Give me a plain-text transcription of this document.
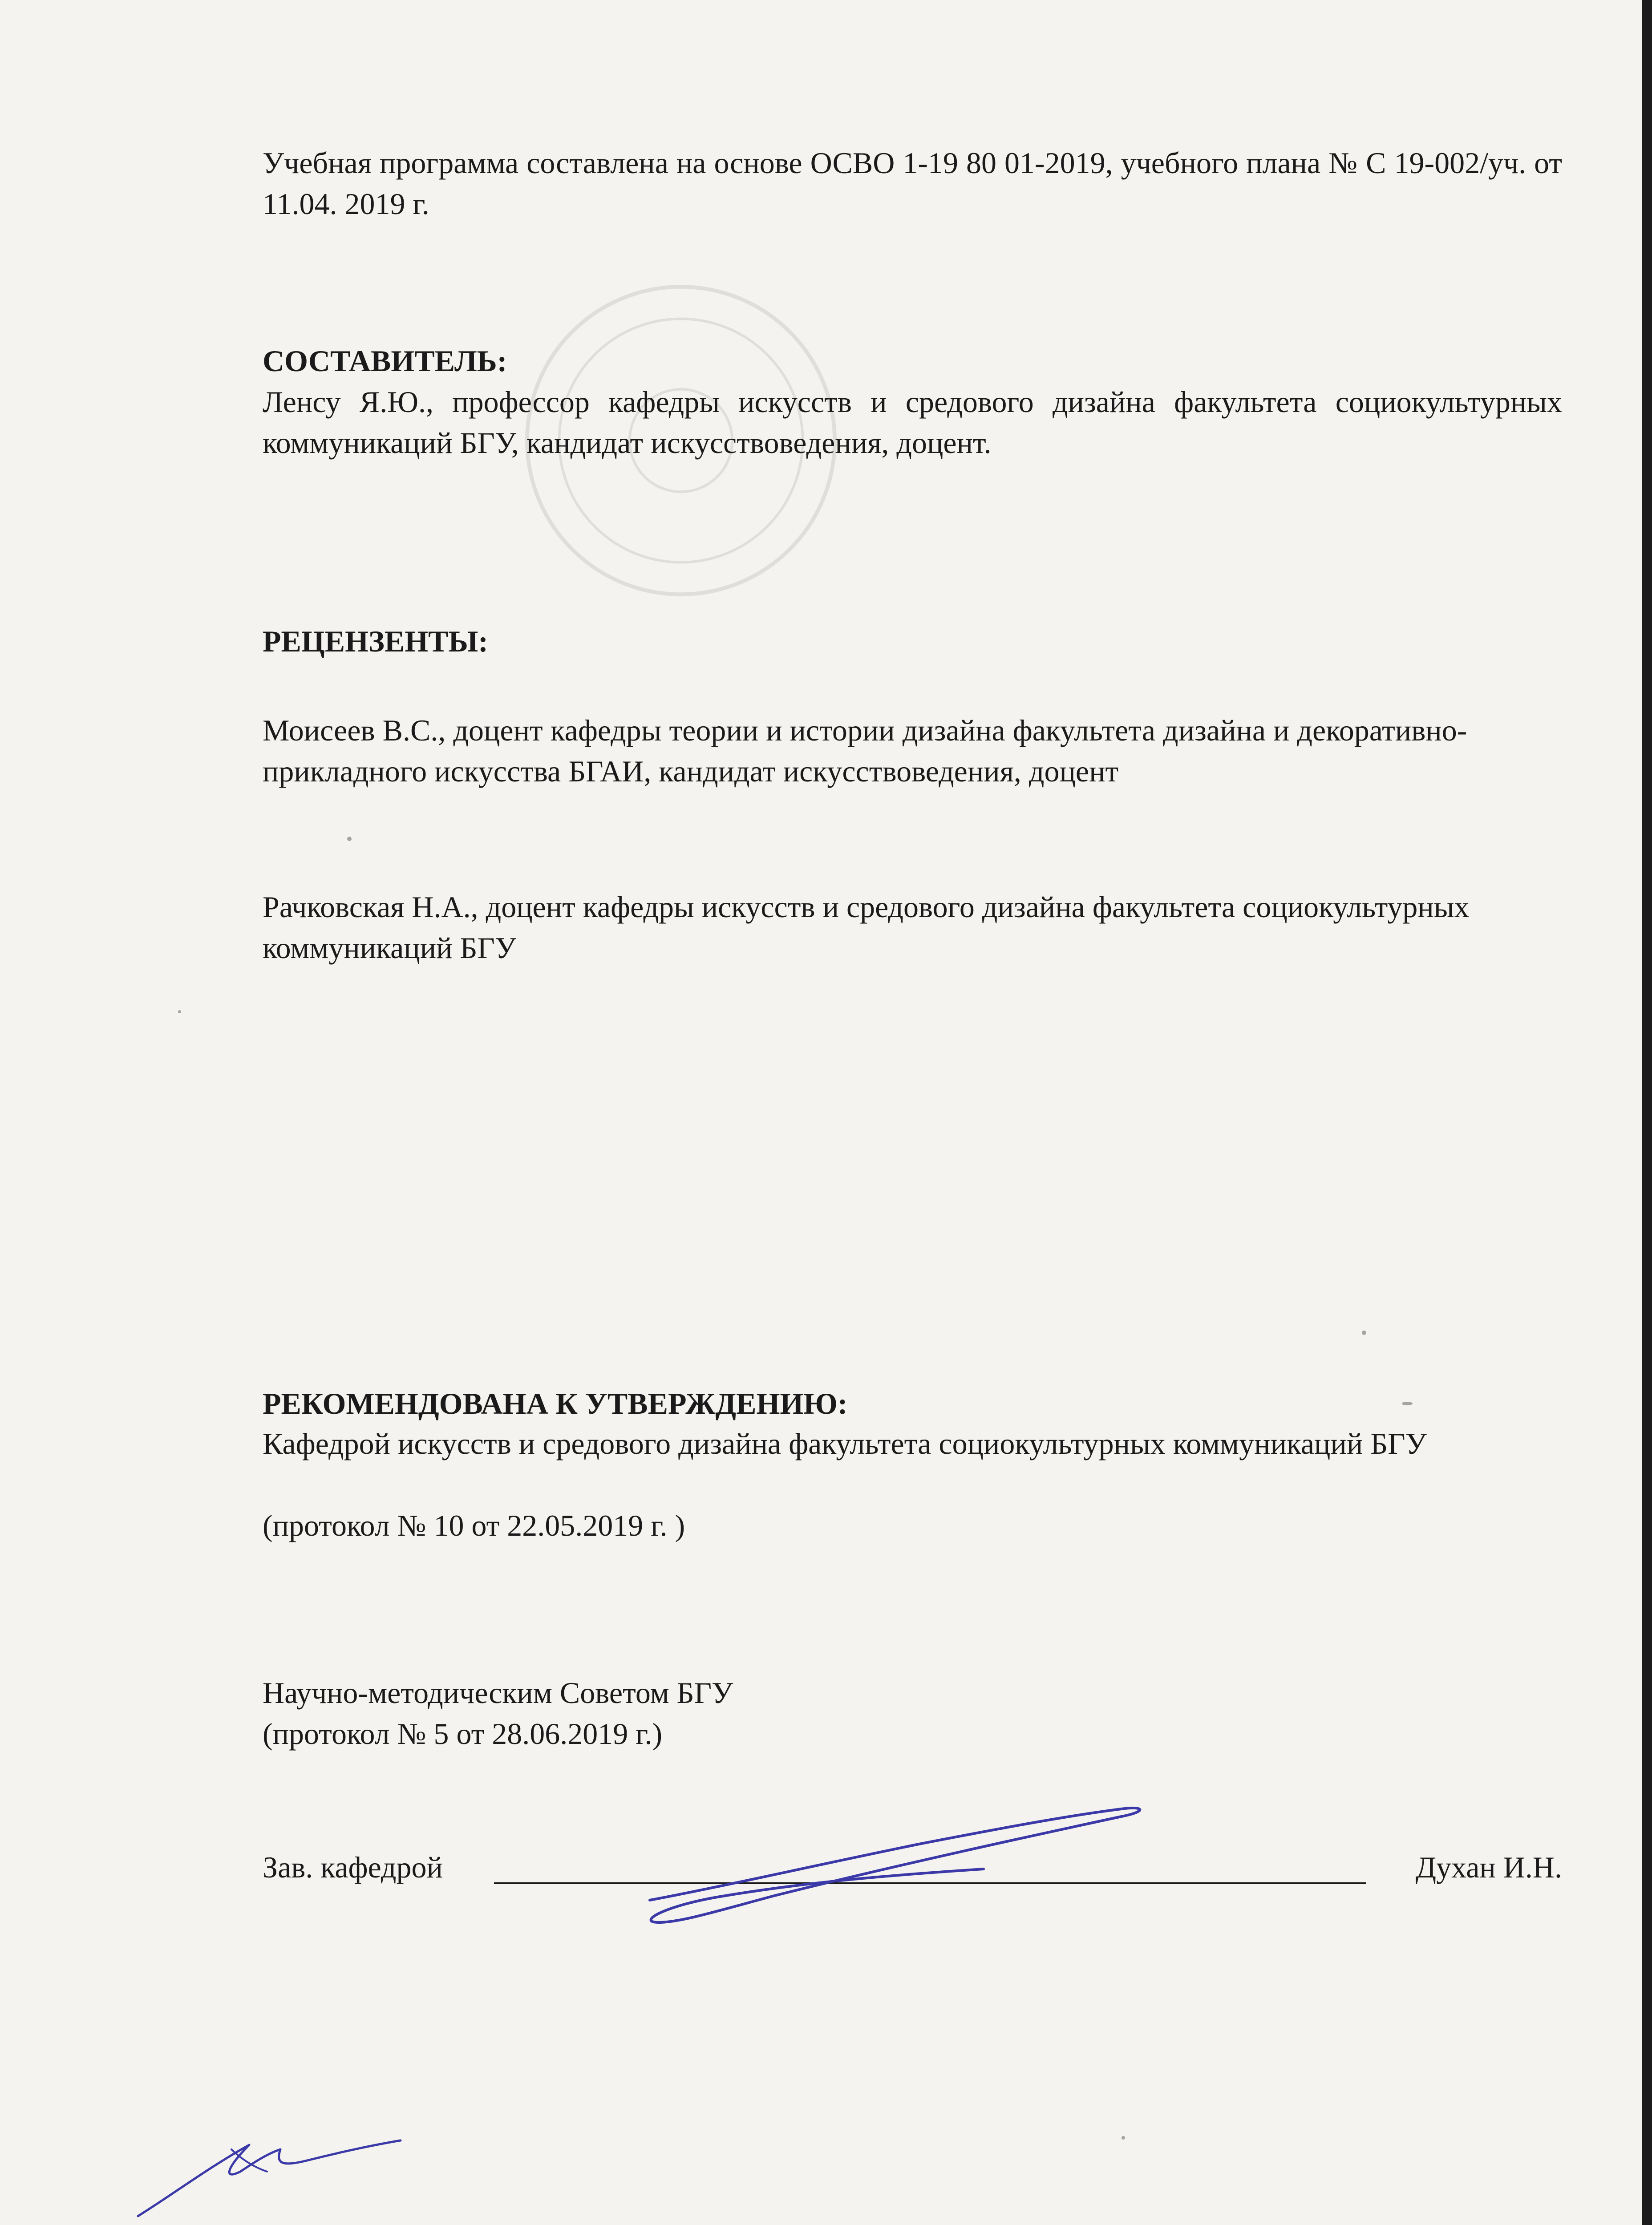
Учебная программа составлена на основе ОСВО 1-19 80 01-2019, учебного плана № С 19-002/уч. от 11.04. 2019 г.
СОСТАВИТЕЛЬ:
Ленсу Я.Ю., профессор кафедры искусств и средового дизайна факультета социокультурных коммуникаций БГУ, кандидат искусствоведения, доцент.
РЕЦЕНЗЕНТЫ:
Моисеев В.С., доцент кафедры теории и истории дизайна факультета дизайна и декоративно-прикладного искусства БГАИ, кандидат искусствоведения, доцент
Рачковская Н.А., доцент кафедры искусств и средового дизайна факультета социокультурных коммуникаций БГУ
РЕКОМЕНДОВАНА К УТВЕРЖДЕНИЮ:
Кафедрой искусств и средового дизайна факультета социокультурных коммуникаций БГУ
(протокол № 10 от 22.05.2019 г. )
Научно-методическим Советом БГУ
(протокол № 5 от 28.06.2019 г.)
Зав. кафедрой	Духан И.Н.
